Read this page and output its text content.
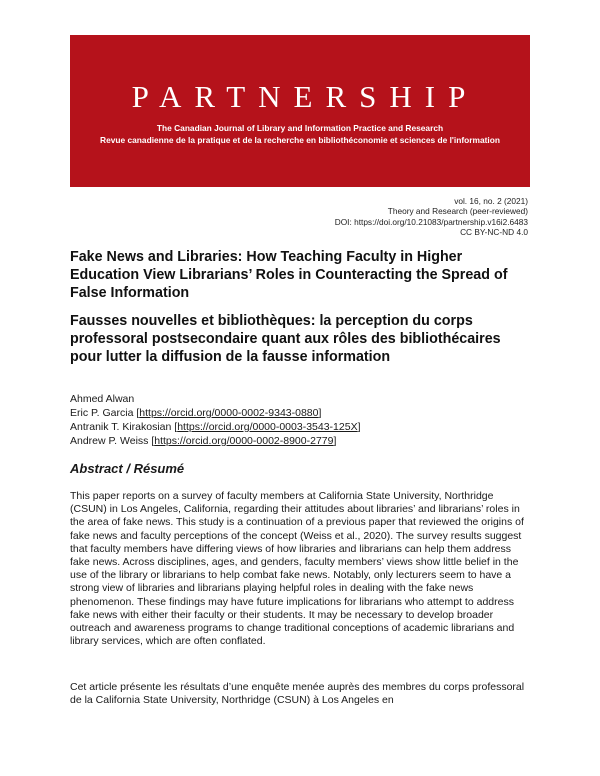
PARTNERSHIP
The Canadian Journal of Library and Information Practice and Research
Revue canadienne de la pratique et de la recherche en bibliothéconomie et sciences de l'information
vol. 16, no. 2 (2021)
Theory and Research (peer-reviewed)
DOI: https://doi.org/10.21083/partnership.v16i2.6483
CC BY-NC-ND 4.0
Fake News and Libraries: How Teaching Faculty in Higher Education View Librarians’ Roles in Counteracting the Spread of False Information
Fausses nouvelles et bibliothèques: la perception du corps professoral postsecondaire quant aux rôles des bibliothécaires pour lutter la diffusion de la fausse information
Ahmed Alwan
Eric P. Garcia [https://orcid.org/0000-0002-9343-0880]
Antranik T. Kirakosian [https://orcid.org/0000-0003-3543-125X]
Andrew P. Weiss [https://orcid.org/0000-0002-8900-2779]
Abstract / Résumé
This paper reports on a survey of faculty members at California State University, Northridge (CSUN) in Los Angeles, California, regarding their attitudes about libraries’ and librarians’ roles in the area of fake news. This study is a continuation of a previous paper that reviewed the origins of fake news and faculty perceptions of the concept (Weiss et al., 2020). The survey results suggest that faculty members have differing views of how libraries and librarians can help them address fake news. Across disciplines, ages, and genders, faculty members’ views show little belief in the use of the library or librarians to help combat fake news. Notably, only lecturers seem to have a strong view of libraries and librarians playing helpful roles in dealing with the fake news phenomenon. These findings may have future implications for librarians who attempt to address fake news with either their faculty or their students. It may be necessary to develop broader outreach and awareness programs to change traditional conceptions of academic librarians and library services, which are often conflated.
Cet article présente les résultats d’une enquête menée auprès des membres du corps professoral de la California State University, Northridge (CSUN) à Los Angeles en
